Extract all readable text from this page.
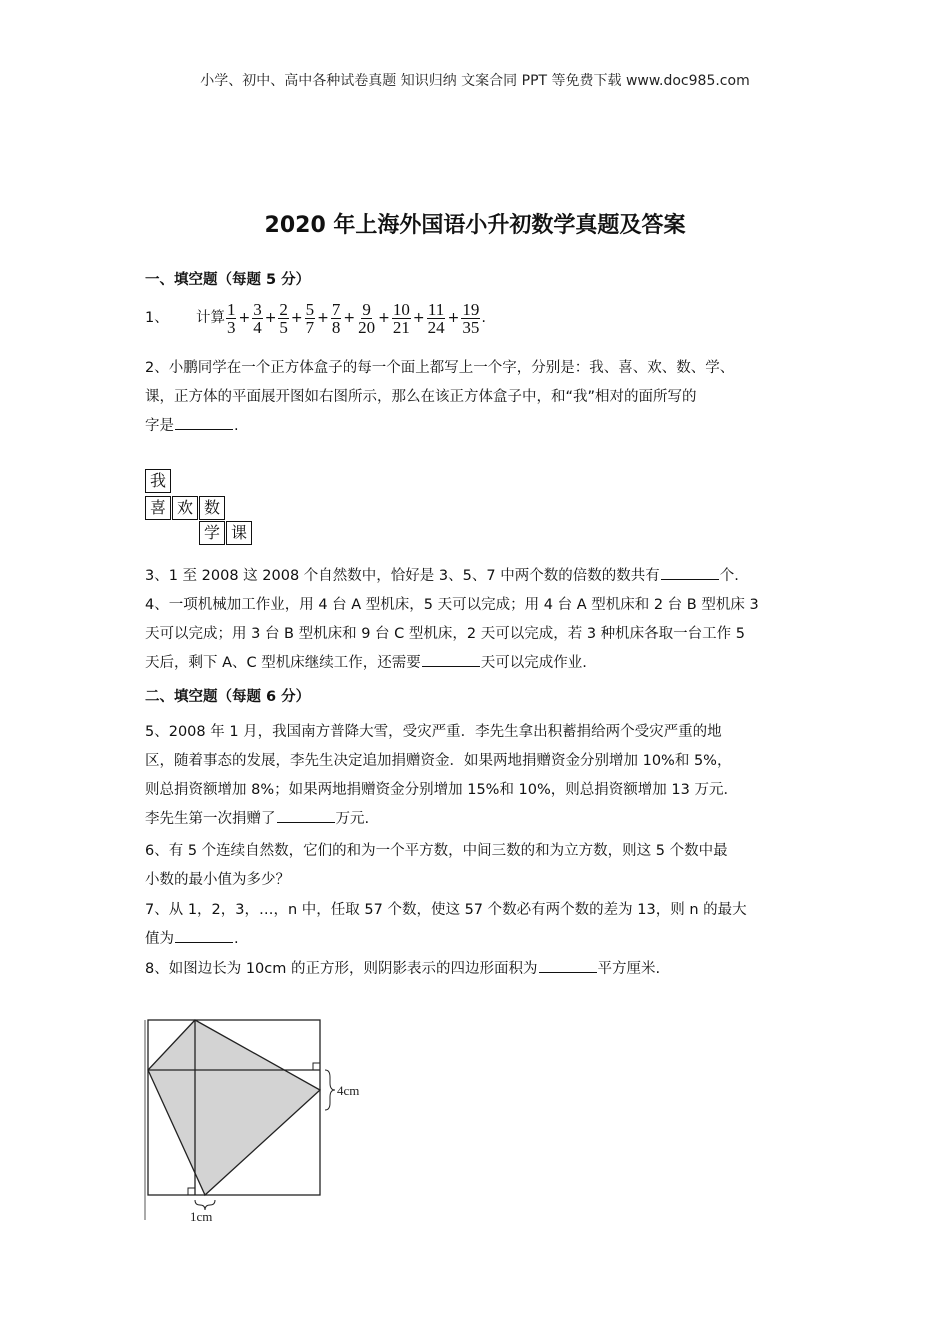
小学、初中、高中各种试卷真题 知识归纳 文案合同 PPT 等免费下载 www.doc985.com
2020 年上海外国语小升初数学真题及答案
一、填空题（每题 5 分）
1、 计算 $\frac{1}{3} + \frac{3}{4} + \frac{2}{5} + \frac{5}{7} + \frac{7}{8} + \frac{9}{20} + \frac{10}{21} + \frac{11}{24} + \frac{19}{35}$ .
2、小鹏同学在一个正方体盒子的每一个面上都写上一个字，分别是：我、喜、欢、数、学、
课，正方体的平面展开图如右图所示，那么在该正方体盒子中，和“我”相对的面所写的
字是	.
我
喜 欢 数
学 课
3、1 至 2008 这 2008 个自然数中，恰好是 3、5、7 中两个数的倍数的数共有	个.
4、一项机械加工作业，用 4 台 A 型机床，5 天可以完成；用 4 台 A 型机床和 2 台 B 型机床 3
天可以完成；用 3 台 B 型机床和 9 台 C 型机床，2 天可以完成，若 3 种机床各取一台工作 5
天后，剩下 A、C 型机床继续工作，还需要	天可以完成作业.
二、填空题（每题 6 分）
5、2008 年 1 月，我国南方普降大雪，受灾严重．李先生拿出积蓄捐给两个受灾严重的地
区，随着事态的发展，李先生决定追加捐赠资金．如果两地捐赠资金分别增加 10%和 5%，
则总捐资额增加 8%；如果两地捐赠资金分别增加 15%和 10%，则总捐资额增加 13 万元．
李先生第一次捐赠了	万元.
6、有 5 个连续自然数，它们的和为一个平方数，中间三数的和为立方数，则这 5 个数中最
小数的最小值为多少？
7、从 1，2，3，…，n 中，任取 57 个数，使这 57 个数必有两个数的差为 13，则 n 的最大
值为	.
8、如图边长为 10cm 的正方形，则阴影表示的四边形面积为	平方厘米.
4cm
1cm
